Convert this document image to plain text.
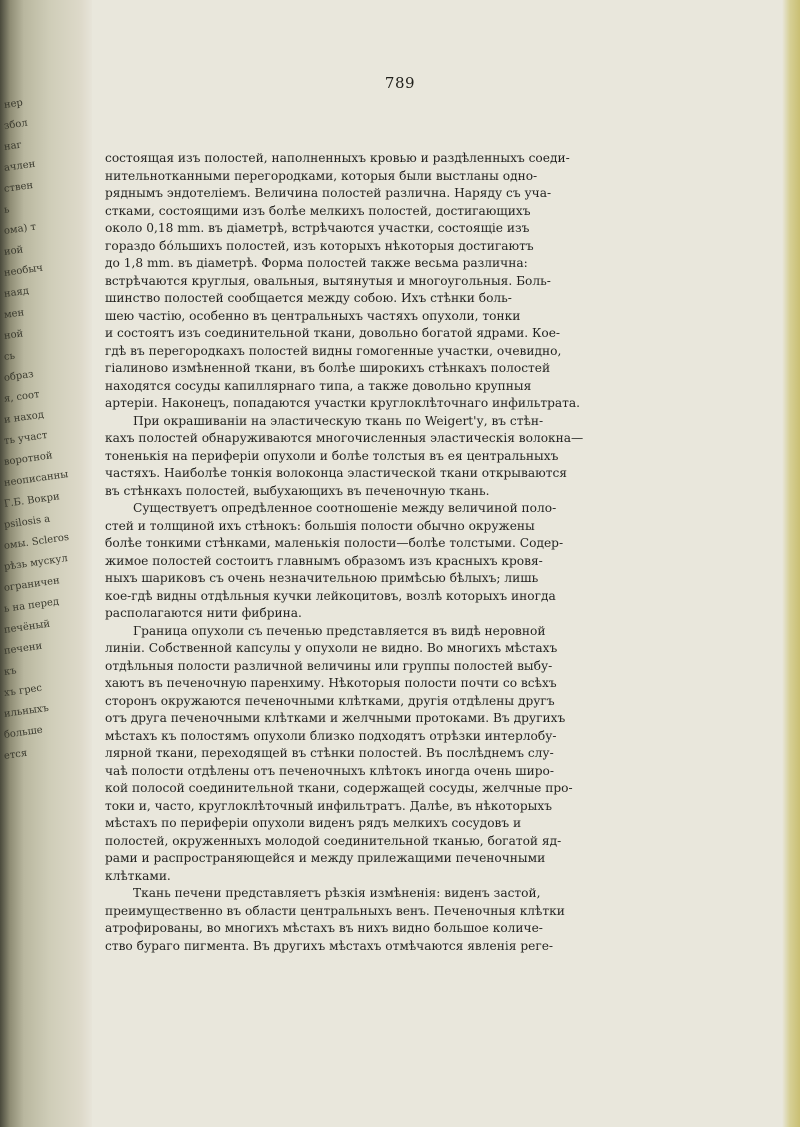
нер
збол
наг
ачлен
ствен
ь
ома) т
иой
необыч
наяд
мен
ной
сь
образ
я, соот
и наход
ть участ
воротной
неописанны
Г.Б. Вокри
psilosis a
омы. Scleros
рѣзь мускул
ограничен
ь на перед
печёный
печени
къ
хъ грес
ильныхъ
больше
ется
789
состоящая изъ полостей, наполненныхъ кровью и раздѣленныхъ соеди-
нительнотканными перегородками, которыя были выстланы одно-
ряднымъ эндотеліемъ. Величина полостей различна. Наряду съ уча-
стками, состоящими изъ болѣе мелкихъ полостей, достигающихъ
около 0,18 mm. въ діаметрѣ, встрѣчаются участки, состоящіе изъ
гораздо бо́льшихъ полостей, изъ которыхъ нѣкоторыя достигаютъ
до 1,8 mm. въ діаметрѣ. Форма полостей также весьма различна:
встрѣчаются круглыя, овальныя, вытянутыя и многоугольныя. Боль-
шинство полостей сообщается между собою. Ихъ стѣнки боль-
шею частію, особенно въ центральныхъ частяхъ опухоли, тонки
и состоятъ изъ соединительной ткани, довольно богатой ядрами. Кое-
гдѣ въ перегородкахъ полостей видны гомогенные участки, очевидно,
гіалиново измѣненной ткани, въ болѣе широкихъ стѣнкахъ полостей
находятся сосуды капиллярнаго типа, а также довольно крупныя
артеріи. Наконецъ, попадаются участки круглоклѣточнаго инфильтрата.
При окрашиваніи на эластическую ткань по Weigert'у, въ стѣн-
кахъ полостей обнаруживаются многочисленныя эластическія волокна—
тоненькія на периферіи опухоли и болѣе толстыя въ ея центральныхъ
частяхъ. Наиболѣе тонкія волоконца эластической ткани открываются
въ стѣнкахъ полостей, выбухающихъ въ печеночную ткань.
Существуетъ опредѣленное соотношеніе между величиной поло-
стей и толщиной ихъ стѣнокъ: большія полости обычно окружены
болѣе тонкими стѣнками, маленькія полости—болѣе толстыми. Содер-
жимое полостей состоитъ главнымъ образомъ изъ красныхъ кровя-
ныхъ шариковъ съ очень незначительною примѣсью бѣлыхъ; лишь
кое-гдѣ видны отдѣльныя кучки лейкоцитовъ, возлѣ которыхъ иногда
располагаются нити фибрина.
Граница опухоли съ печенью представляется въ видѣ неровной
линіи. Собственной капсулы у опухоли не видно. Во многихъ мѣстахъ
отдѣльныя полости различной величины или группы полостей выбу-
хаютъ въ печеночную паренхиму. Нѣкоторыя полости почти со всѣхъ
сторонъ окружаются печеночными клѣтками, другія отдѣлены другъ
отъ друга печеночными клѣтками и желчными протоками. Въ другихъ
мѣстахъ къ полостямъ опухоли близко подходятъ отрѣзки интерлобу-
лярной ткани, переходящей въ стѣнки полостей. Въ послѣднемъ слу-
чаѣ полости отдѣлены отъ печеночныхъ клѣтокъ иногда очень широ-
кой полосой соединительной ткани, содержащей сосуды, желчные про-
токи и, часто, круглоклѣточный инфильтратъ. Далѣе, въ нѣкоторыхъ
мѣстахъ по периферіи опухоли виденъ рядъ мелкихъ сосудовъ и
полостей, окруженныхъ молодой соединительной тканью, богатой яд-
рами и распространяющейся и между прилежащими печеночными
клѣтками.
Ткань печени представляетъ рѣзкія измѣненія: виденъ застой,
преимущественно въ области центральныхъ венъ. Печеночныя клѣтки
атрофированы, во многихъ мѣстахъ въ нихъ видно большое количе-
ство бураго пигмента. Въ другихъ мѣстахъ отмѣчаются явленія реге-
